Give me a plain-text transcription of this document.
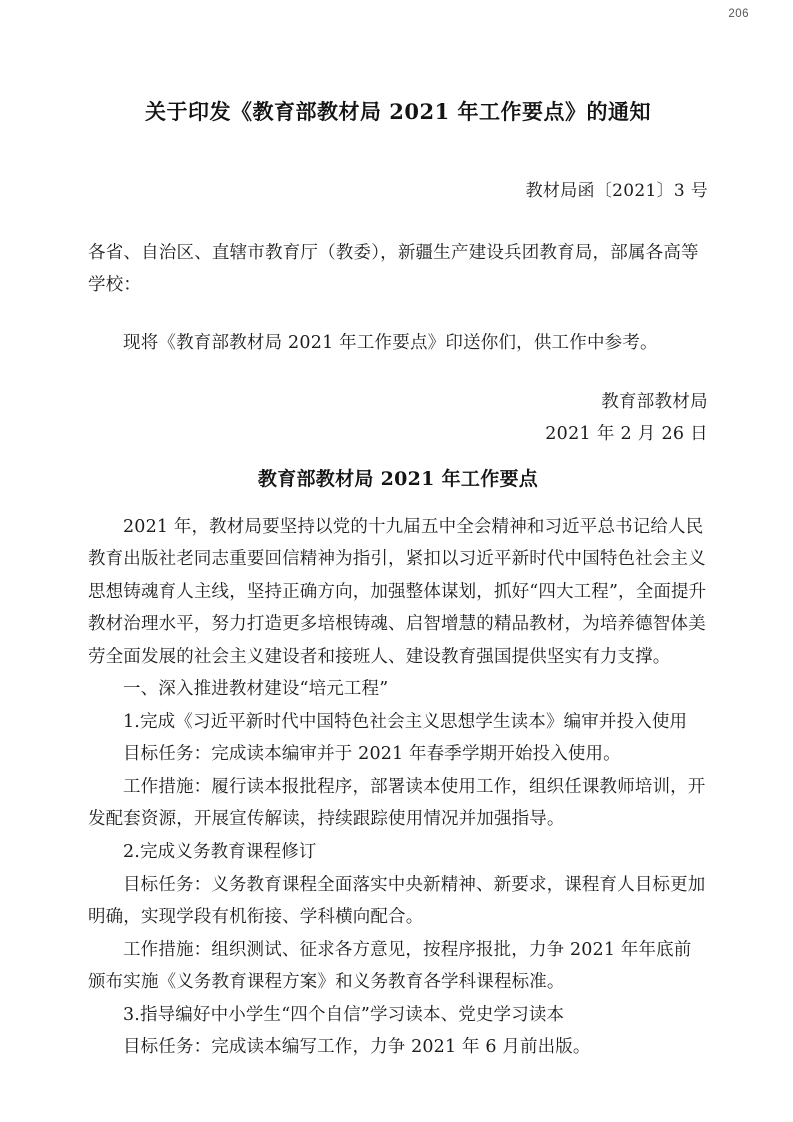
206
关于印发《教育部教材局 2021 年工作要点》的通知
教材局函〔2021〕3 号
各省、自治区、直辖市教育厅（教委），新疆生产建设兵团教育局，部属各高等学校：

现将《教育部教材局 2021 年工作要点》印送你们，供工作中参考。

教育部教材局
2021 年 2 月 26 日
教育部教材局 2021 年工作要点

2021 年，教材局要坚持以党的十九届五中全会精神和习近平总书记给人民教育出版社老同志重要回信精神为指引，紧扣以习近平新时代中国特色社会主义思想铸魂育人主线，坚持正确方向，加强整体谋划，抓好“四大工程”，全面提升教材治理水平，努力打造更多培根铸魂、启智增慧的精品教材，为培养德智体美劳全面发展的社会主义建设者和接班人、建设教育强国提供坚实有力支撑。

一、深入推进教材建设“培元工程”

1.完成《习近平新时代中国特色社会主义思想学生读本》编审并投入使用

目标任务：完成读本编审并于 2021 年春季学期开始投入使用。

工作措施：履行读本报批程序，部署读本使用工作，组织任课教师培训，开发配套资源，开展宣传解读，持续跟踪使用情况并加强指导。

2.完成义务教育课程修订

目标任务：义务教育课程全面落实中央新精神、新要求，课程育人目标更加明确，实现学段有机衔接、学科横向配合。

工作措施：组织测试、征求各方意见，按程序报批，力争 2021 年年底前颁布实施《义务教育课程方案》和义务教育各学科课程标准。

3.指导编好中小学生“四个自信”学习读本、党史学习读本

目标任务：完成读本编写工作，力争 2021 年 6 月前出版。
